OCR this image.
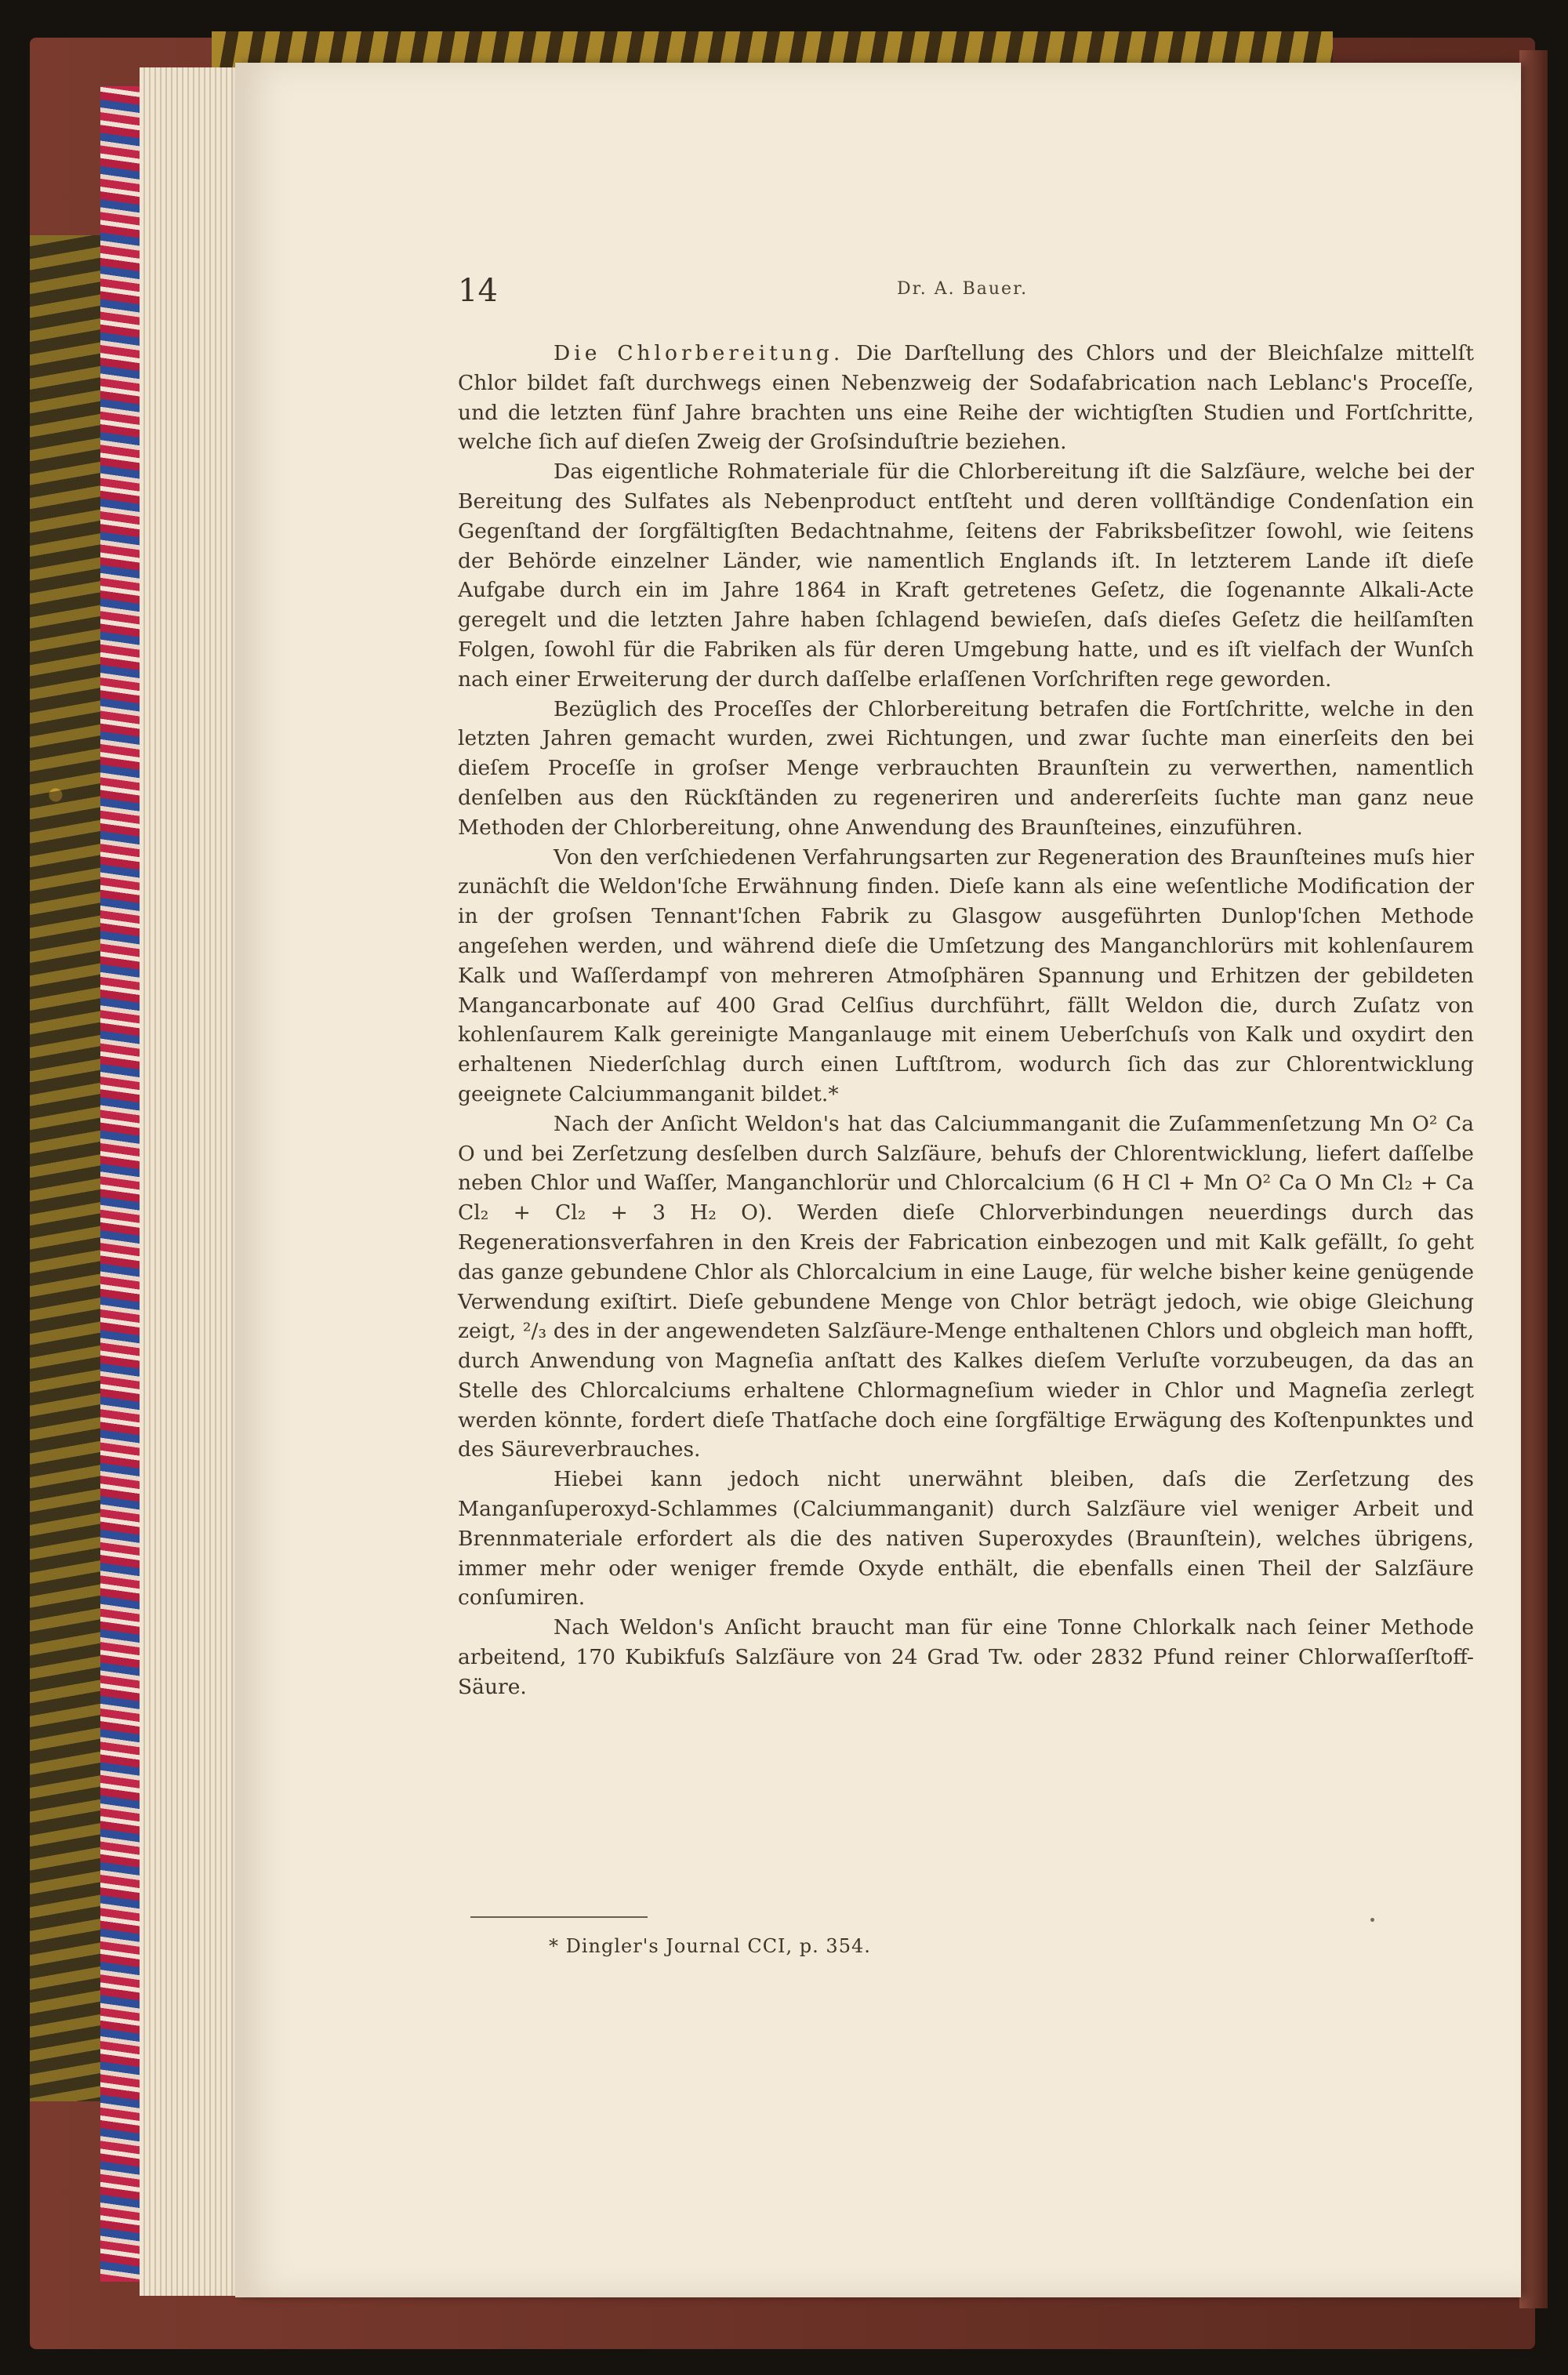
14	Dr. A. Bauer.

Die Chlorbereitung. Die Darſtellung des Chlors und der Bleichſalze mittelſt Chlor bildet faſt durchwegs einen Nebenzweig der Sodafabrication nach Leblanc's Proceſſe, und die letzten fünf Jahre brachten uns eine Reihe der wichtigſten Studien und Fortſchritte, welche ſich auf dieſen Zweig der Groſsinduſtrie beziehen.

Das eigentliche Rohmateriale für die Chlorbereitung iſt die Salzſäure, welche bei der Bereitung des Sulfates als Nebenproduct entſteht und deren vollſtändige Condenſation ein Gegenſtand der ſorgfältigſten Bedachtnahme, ſeitens der Fabriksbeſitzer ſowohl, wie ſeitens der Behörde einzelner Länder, wie namentlich Englands iſt. In letzterem Lande iſt dieſe Aufgabe durch ein im Jahre 1864 in Kraft getretenes Geſetz, die ſogenannte Alkali-Acte geregelt und die letzten Jahre haben ſchlagend bewieſen, daſs dieſes Geſetz die heilſamſten Folgen, ſowohl für die Fabriken als für deren Umgebung hatte, und es iſt vielfach der Wunſch nach einer Erweiterung der durch daſſelbe erlaſſenen Vorſchriften rege geworden.

Bezüglich des Proceſſes der Chlorbereitung betrafen die Fortſchritte, welche in den letzten Jahren gemacht wurden, zwei Richtungen, und zwar ſuchte man einerſeits den bei dieſem Proceſſe in groſser Menge verbrauchten Braunſtein zu verwerthen, namentlich denſelben aus den Rückſtänden zu regeneriren und andererſeits ſuchte man ganz neue Methoden der Chlorbereitung, ohne Anwendung des Braunſteines, einzuführen.

Von den verſchiedenen Verfahrungsarten zur Regeneration des Braunſteines muſs hier zunächſt die Weldon'ſche Erwähnung finden. Dieſe kann als eine weſentliche Modification der in der groſsen Tennant'ſchen Fabrik zu Glasgow ausgeführten Dunlop'ſchen Methode angeſehen werden, und während dieſe die Umſetzung des Manganchlorürs mit kohlenſaurem Kalk und Waſſerdampf von mehreren Atmoſphären Spannung und Erhitzen der gebildeten Mangancarbonate auf 400 Grad Celſius durchführt, fällt Weldon die, durch Zuſatz von kohlenſaurem Kalk gereinigte Manganlauge mit einem Ueberſchuſs von Kalk und oxydirt den erhaltenen Niederſchlag durch einen Luftſtrom, wodurch ſich das zur Chlorentwicklung geeignete Calciummanganit bildet.*

Nach der Anſicht Weldon's hat das Calciummanganit die Zuſammenſetzung Mn O² Ca O und bei Zerſetzung desſelben durch Salzſäure, behufs der Chlorentwicklung, liefert daſſelbe neben Chlor und Waſſer, Manganchlorür und Chlorcalcium (6 H Cl + Mn O² Ca O Mn Cl₂ + Ca Cl₂ + Cl₂ + 3 H₂ O). Werden dieſe Chlorverbindungen neuerdings durch das Regenerationsverfahren in den Kreis der Fabrication einbezogen und mit Kalk gefällt, ſo geht das ganze gebundene Chlor als Chlorcalcium in eine Lauge, für welche bisher keine genügende Verwendung exiſtirt. Dieſe gebundene Menge von Chlor beträgt jedoch, wie obige Gleichung zeigt, ²/₃ des in der angewendeten Salzſäure-Menge enthaltenen Chlors und obgleich man hofft, durch Anwendung von Magneſia anſtatt des Kalkes dieſem Verluſte vorzubeugen, da das an Stelle des Chlorcalciums erhaltene Chlormagneſium wieder in Chlor und Magneſia zerlegt werden könnte, fordert dieſe Thatſache doch eine ſorgfältige Erwägung des Koſtenpunktes und des Säureverbrauches.

Hiebei kann jedoch nicht unerwähnt bleiben, daſs die Zerſetzung des Manganſuperoxyd-Schlammes (Calciummanganit) durch Salzſäure viel weniger Arbeit und Brennmateriale erfordert als die des nativen Superoxydes (Braunſtein), welches übrigens, immer mehr oder weniger fremde Oxyde enthält, die ebenfalls einen Theil der Salzſäure conſumiren.

Nach Weldon's Anſicht braucht man für eine Tonne Chlorkalk nach ſeiner Methode arbeitend, 170 Kubikfuſs Salzſäure von 24 Grad Tw. oder 2832 Pfund reiner Chlorwaſſerſtoff-Säure.

* Dingler's Journal CCI, p. 354.
